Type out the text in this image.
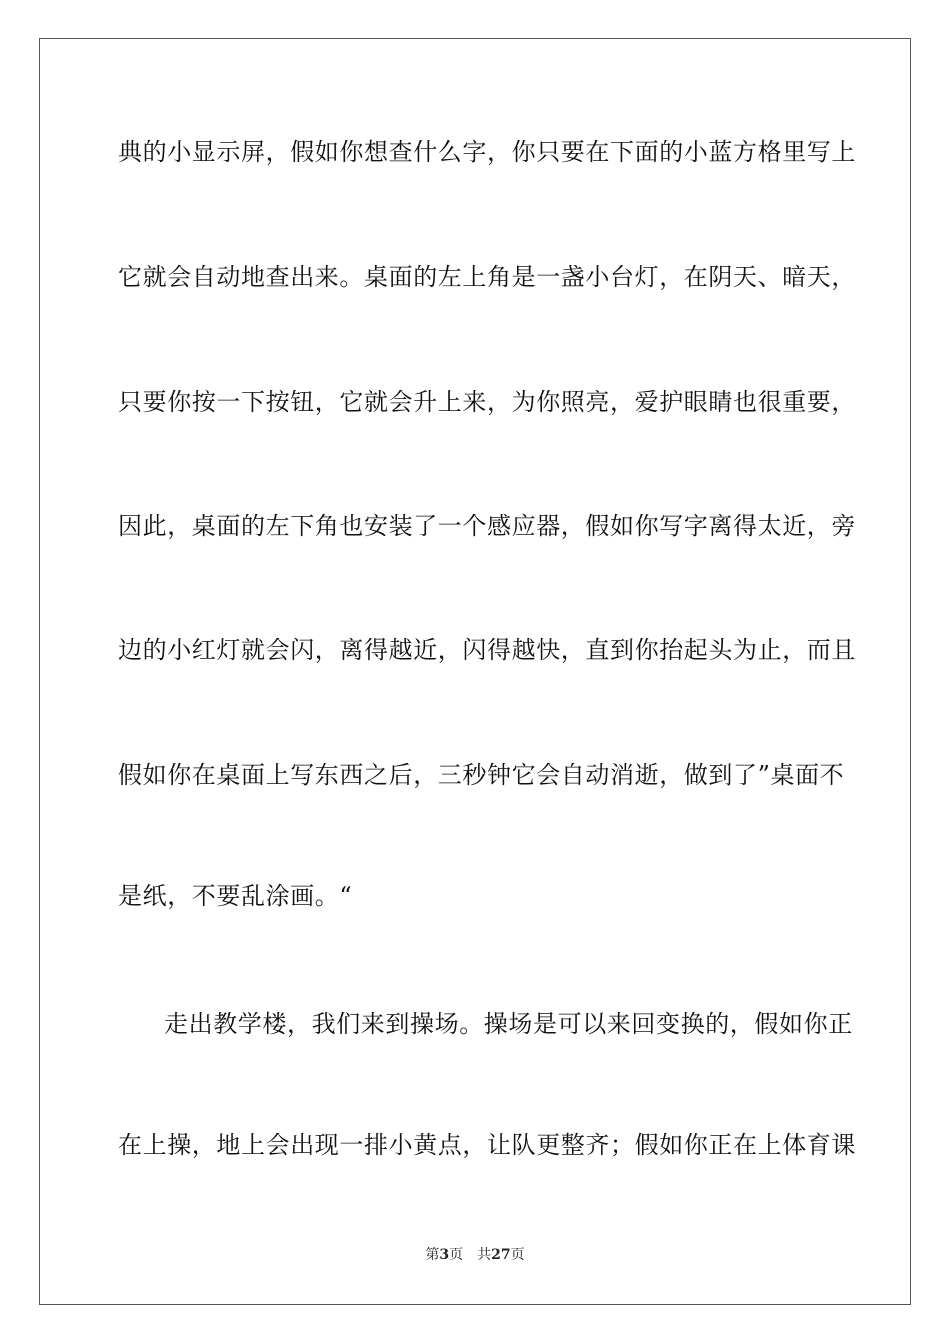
典的小显示屏，假如你想查什么字，你只要在下面的小蓝方格里写上
它就会自动地查出来。桌面的左上角是一盏小台灯，在阴天、暗天，
只要你按一下按钮，它就会升上来，为你照亮，爱护眼睛也很重要，
因此，桌面的左下角也安装了一个感应器，假如你写字离得太近，旁
边的小红灯就会闪，离得越近，闪得越快，直到你抬起头为止，而且
假如你在桌面上写东西之后，三秒钟它会自动消逝，做到了”桌面不
是纸，不要乱涂画。“
走出教学楼，我们来到操场。操场是可以来回变换的，假如你正
在上操，地上会出现一排小黄点，让队更整齐；假如你正在上体育课
第3页 共27页
